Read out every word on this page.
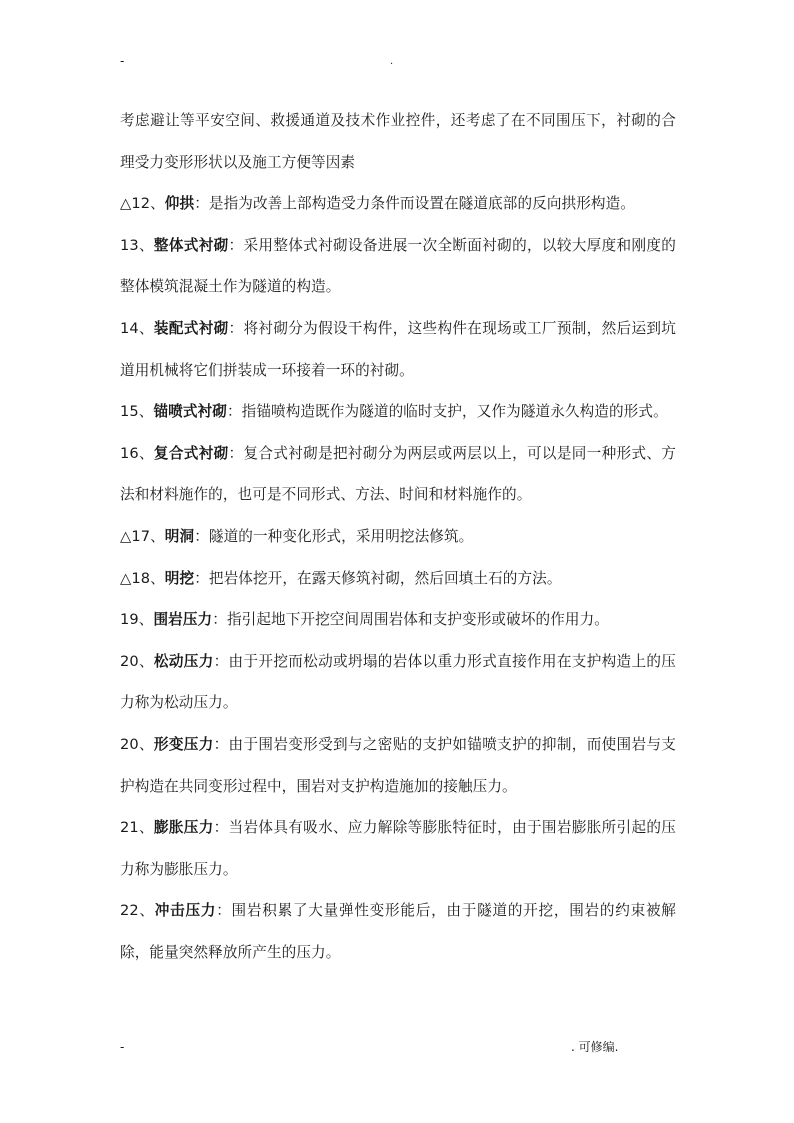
-	.

考虑避让等平安空间、救援通道及技术作业控件，还考虑了在不同围压下，衬砌的合理受力变形形状以及施工方便等因素

△12、仰拱：是指为改善上部构造受力条件而设置在隧道底部的反向拱形构造。

13、整体式衬砌：采用整体式衬砌设备进展一次全断面衬砌的，以较大厚度和刚度的整体模筑混凝土作为隧道的构造。

14、装配式衬砌：将衬砌分为假设干构件，这些构件在现场或工厂预制，然后运到坑道用机械将它们拼装成一环接着一环的衬砌。

15、锚喷式衬砌：指锚喷构造既作为隧道的临时支护，又作为隧道永久构造的形式。

16、复合式衬砌：复合式衬砌是把衬砌分为两层或两层以上，可以是同一种形式、方法和材料施作的，也可是不同形式、方法、时间和材料施作的。

△17、明洞：隧道的一种变化形式，采用明挖法修筑。

△18、明挖：把岩体挖开，在露天修筑衬砌，然后回填土石的方法。

19、围岩压力：指引起地下开挖空间周围岩体和支护变形或破坏的作用力。

20、松动压力：由于开挖而松动或坍塌的岩体以重力形式直接作用在支护构造上的压力称为松动压力。

20、形变压力：由于围岩变形受到与之密贴的支护如锚喷支护的抑制，而使围岩与支护构造在共同变形过程中，围岩对支护构造施加的接触压力。

21、膨胀压力：当岩体具有吸水、应力解除等膨胀特征时，由于围岩膨胀所引起的压力称为膨胀压力。

22、冲击压力：围岩积累了大量弹性变形能后，由于隧道的开挖，围岩的约束被解除，能量突然释放所产生的压力。

-	. 可修编.
